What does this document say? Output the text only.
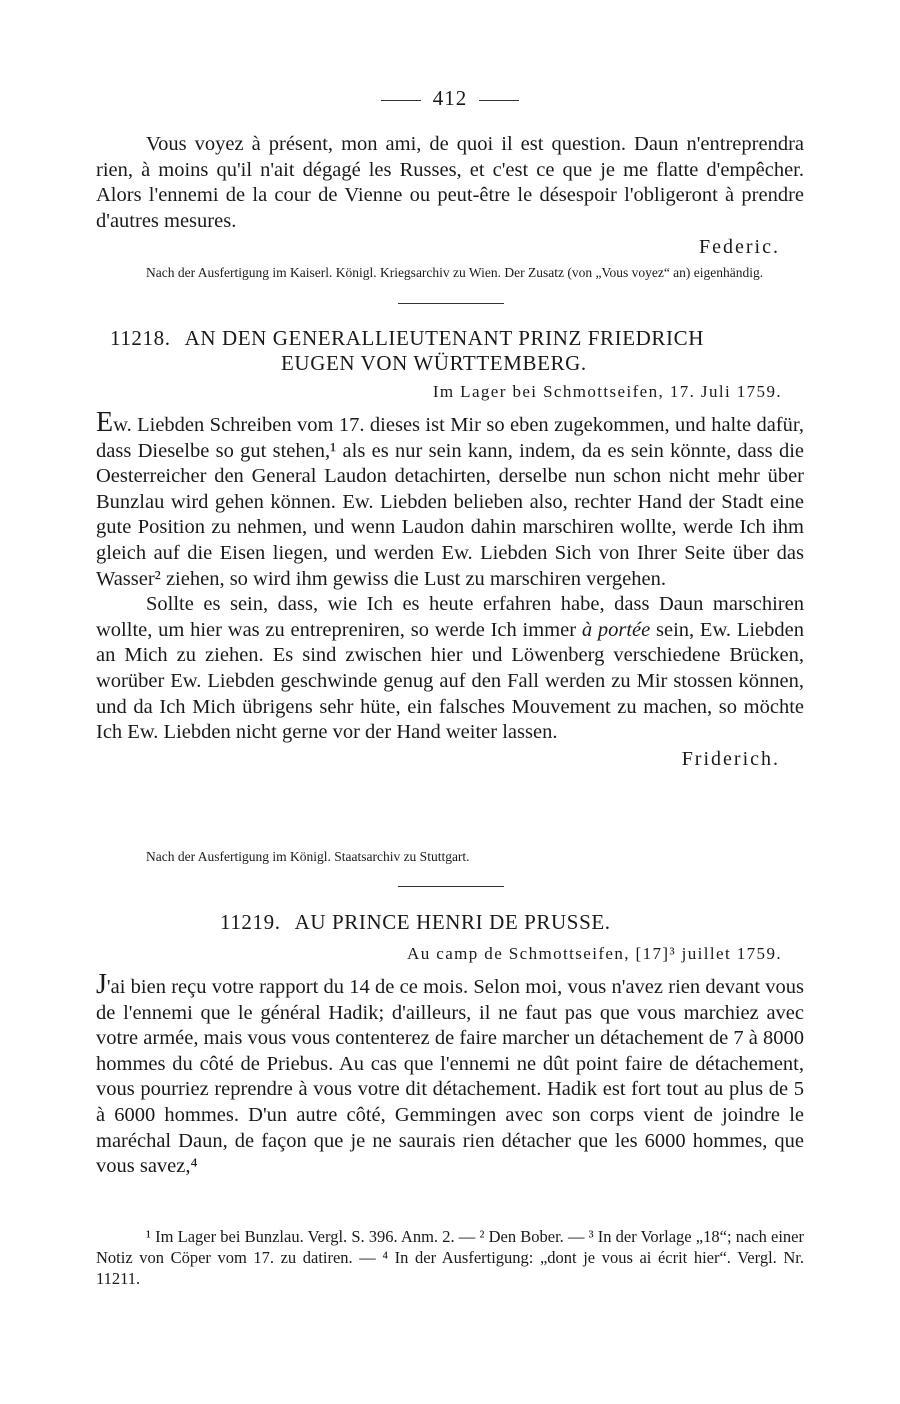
412

Vous voyez à présent, mon ami, de quoi il est question. Daun n'entreprendra rien, à moins qu'il n'ait dégagé les Russes, et c'est ce que je me flatte d'empêcher. Alors l'ennemi de la cour de Vienne ou peut-être le désespoir l'obligeront à prendre d'autres mesures.

Federic.

Nach der Ausfertigung im Kaiserl. Königl. Kriegsarchiv zu Wien. Der Zusatz (von „Vous voyez“ an) eigenhändig.

11218. AN DEN GENERALLIEUTENANT PRINZ FRIEDRICH
EUGEN VON WÜRTTEMBERG.
Im Lager bei Schmottseifen, 17. Juli 1759.

Ew. Liebden Schreiben vom 17. dieses ist Mir so eben zugekommen, und halte dafür, dass Dieselbe so gut stehen,¹ als es nur sein kann, indem, da es sein könnte, dass die Oesterreicher den General Laudon detachirten, derselbe nun schon nicht mehr über Bunzlau wird gehen können. Ew. Liebden belieben also, rechter Hand der Stadt eine gute Position zu nehmen, und wenn Laudon dahin marschiren wollte, werde Ich ihm gleich auf die Eisen liegen, und werden Ew. Liebden Sich von Ihrer Seite über das Wasser² ziehen, so wird ihm gewiss die Lust zu marschiren vergehen.

Sollte es sein, dass, wie Ich es heute erfahren habe, dass Daun marschiren wollte, um hier was zu entrepreniren, so werde Ich immer à portée sein, Ew. Liebden an Mich zu ziehen. Es sind zwischen hier und Löwenberg verschiedene Brücken, worüber Ew. Liebden geschwinde genug auf den Fall werden zu Mir stossen können, und da Ich Mich übrigens sehr hüte, ein falsches Mouvement zu machen, so möchte Ich Ew. Liebden nicht gerne vor der Hand weiter lassen.

Friderich.

Nach der Ausfertigung im Königl. Staatsarchiv zu Stuttgart.

11219. AU PRINCE HENRI DE PRUSSE.
Au camp de Schmottseifen, [17]³ juillet 1759.

J'ai bien reçu votre rapport du 14 de ce mois. Selon moi, vous n'avez rien devant vous de l'ennemi que le général Hadik; d'ailleurs, il ne faut pas que vous marchiez avec votre armée, mais vous vous contenterez de faire marcher un détachement de 7 à 8000 hommes du côté de Priebus. Au cas que l'ennemi ne dût point faire de détachement, vous pourriez reprendre à vous votre dit détachement. Hadik est fort tout au plus de 5 à 6000 hommes. D'un autre côté, Gemmingen avec son corps vient de joindre le maréchal Daun, de façon que je ne saurais rien détacher que les 6000 hommes, que vous savez,⁴

¹ Im Lager bei Bunzlau. Vergl. S. 396. Anm. 2. — ² Den Bober. — ³ In der Vorlage „18“; nach einer Notiz von Cöper vom 17. zu datiren. — ⁴ In der Ausfertigung: „dont je vous ai écrit hier“. Vergl. Nr. 11211.
